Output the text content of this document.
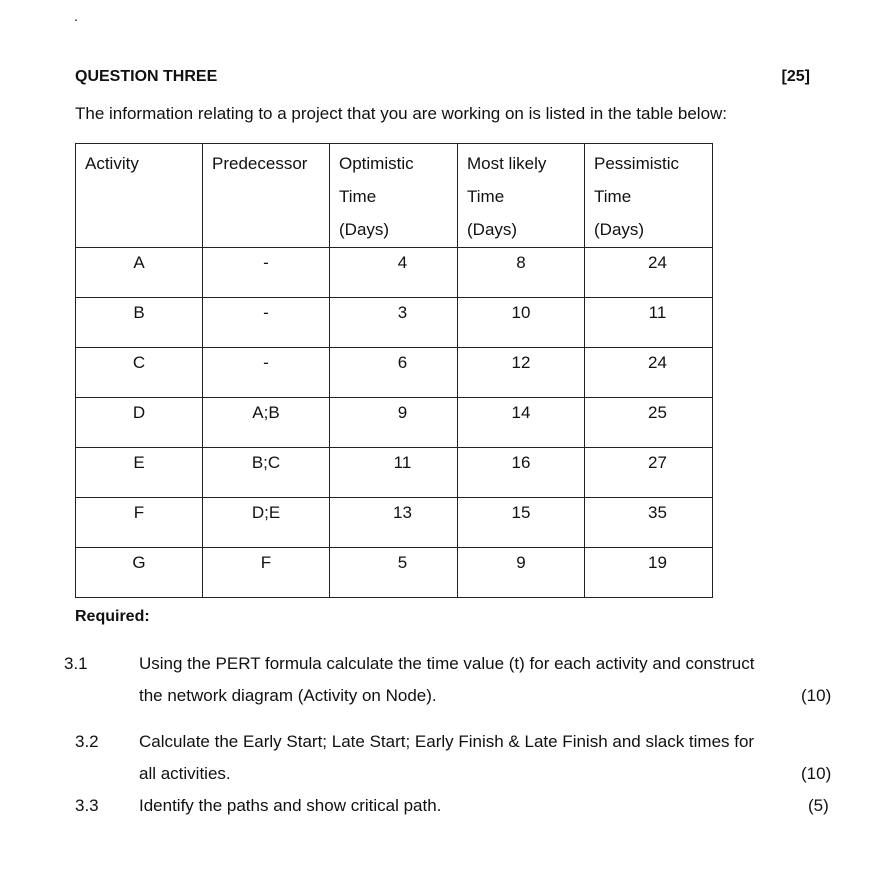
.
QUESTION THREE	[25]
The information relating to a project that you are working on is listed in the table below:
Activity	Predecessor	Optimistic
Time
(Days)	Most likely
Time
(Days)	Pessimistic
Time
(Days)

A	-	4	8	24
B	-	3	10	11
C	-	6	12	24
D	A;B	9	14	25
E	B;C	11	16	27
F	D;E	13	15	35
G	F	5	9	19
Required:
3.1	Using the PERT formula calculate the time value (t) for each activity and construct
the network diagram (Activity on Node).	(10)
3.2 Calculate the Early Start; Late Start; Early Finish & Late Finish and slack times for
all activities.	(10)
3.3 Identify the paths and show critical path.	(5)
